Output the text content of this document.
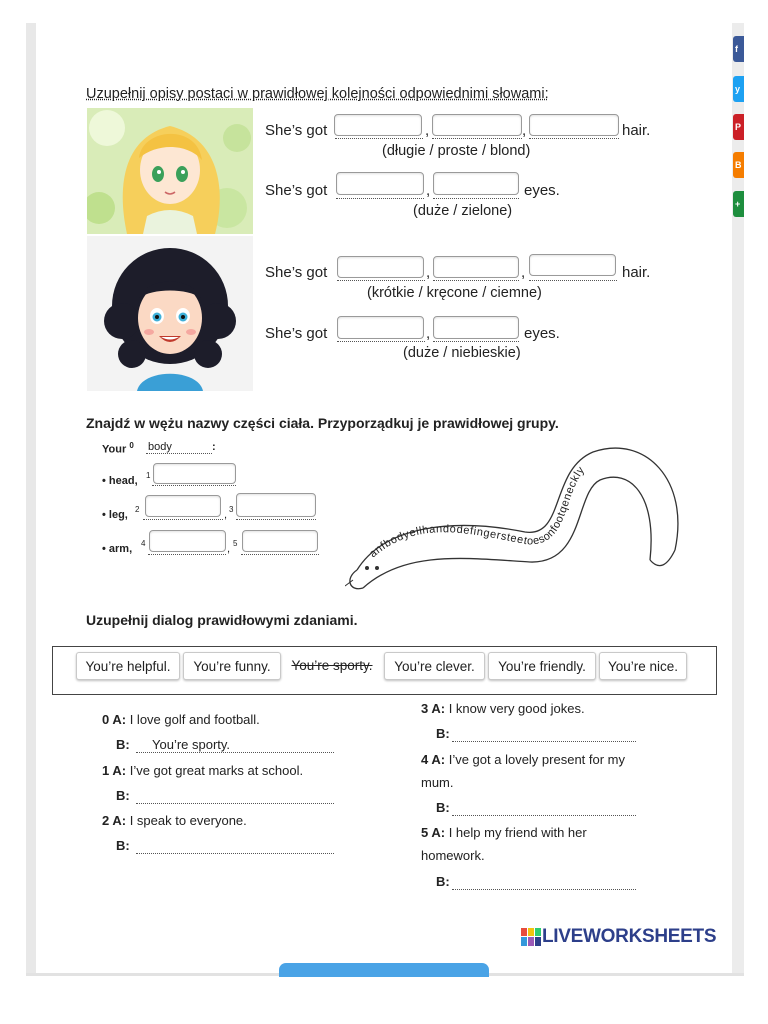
f
y
P
B
+
Uzupełnij opisy postaci w prawidłowej kolejności odpowiednimi słowami:
She’s got	,	,	hair.
(długie / proste / blond)
She’s got	,	eyes.
(duże / zielone)
She’s got	,	,	hair.
(krótkie / kręcone / ciemne)
She’s got	,	eyes.
(duże / niebieskie)
Znajdź w wężu nazwy części ciała. Przyporządkuj je prawidłowej grupy.
Your $^0$ body	:
• head, 1
• leg, 2	, 3
• arm, 4	, 5
anfbodyellhandodefingersteetoesonfootqeneckly
Uzupełnij dialog prawidłowymi zdaniami.
You’re helpful.	You’re funny.	You’re sporty.	You’re clever.	You’re friendly.	You’re nice.
0 A: I love golf and football.
B:	You’re sporty.
1 A: I’ve got great marks at school.
B:
2 A: I speak to everyone.
B:
3 A: I know very good jokes.
B:
4 A: I’ve got a lovely present for my
mum.
B:
5 A: I help my friend with her
homework.
B:
LIVEWORKSHEETS
